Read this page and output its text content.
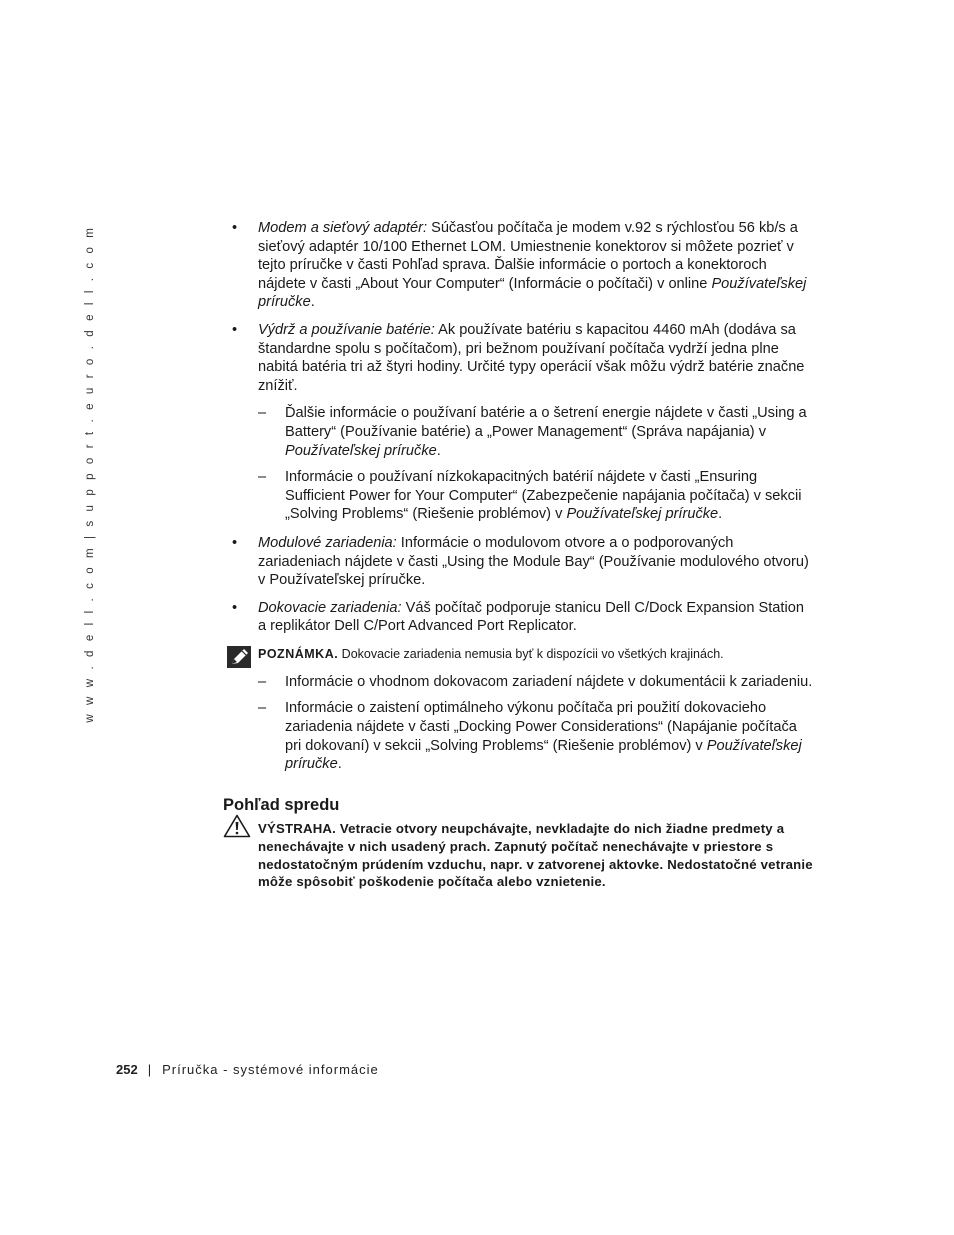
w w w . d e l l . c o m | s u p p o r t . e u r o . d e l l . c o m	• Modem a sieťový adaptér: Súčasťou počítača je modem v.92 s rýchlosťou 56 kb/s a sieťový adaptér 10/100 Ethernet LOM. Umiestnenie konektorov si môžete pozrieť v tejto príručke v časti Pohľad sprava. Ďalšie informácie o portoch a konektoroch nájdete v časti „About Your Computer“ (Informácie o počítači) v online Používateľskej príručke.
• Výdrž a používanie batérie: Ak používate batériu s kapacitou 4460 mAh (dodáva sa štandardne spolu s počítačom), pri bežnom používaní počítača vydrží jedna plne nabitá batéria tri až štyri hodiny. Určité typy operácií však môžu výdrž batérie značne znížiť.
– Ďalšie informácie o používaní batérie a o šetrení energie nájdete v časti „Using a Battery“ (Používanie batérie) a „Power Management“ (Správa napájania) v Používateľskej príručke.
– Informácie o používaní nízkokapacitných batérií nájdete v časti „Ensuring Sufficient Power for Your Computer“ (Zabezpečenie napájania počítača) v sekcii „Solving Problems“ (Riešenie problémov) v Používateľskej príručke.
• Modulové zariadenia: Informácie o modulovom otvore a o podporovaných zariadeniach nájdete v časti „Using the Module Bay“ (Používanie modulového otvoru) v Používateľskej príručke.
• Dokovacie zariadenia: Váš počítač podporuje stanicu Dell C/Dock Expansion Station a replikátor Dell C/Port Advanced Port Replicator.
POZNÁMKA. Dokovacie zariadenia nemusia byť k dispozícii vo všetkých krajinách.
– Informácie o vhodnom dokovacom zariadení nájdete v dokumentácii k zariadeniu.
– Informácie o zaistení optimálneho výkonu počítača pri použití dokovacieho zariadenia nájdete v časti „Docking Power Considerations“ (Napájanie počítača pri dokovaní) v sekcii „Solving Problems“ (Riešenie problémov) v Používateľskej príručke.
Pohľad spredu
VÝSTRAHA. Vetracie otvory neupchávajte, nevkladajte do nich žiadne predmety a nenechávajte v nich usadený prach. Zapnutý počítač nenechávajte v priestore s nedostatočným prúdením vzduchu, napr. v zatvorenej aktovke. Nedostatočné vetranie môže spôsobiť poškodenie počítača alebo vznietenie.
252 | Príručka - systémové informácie
